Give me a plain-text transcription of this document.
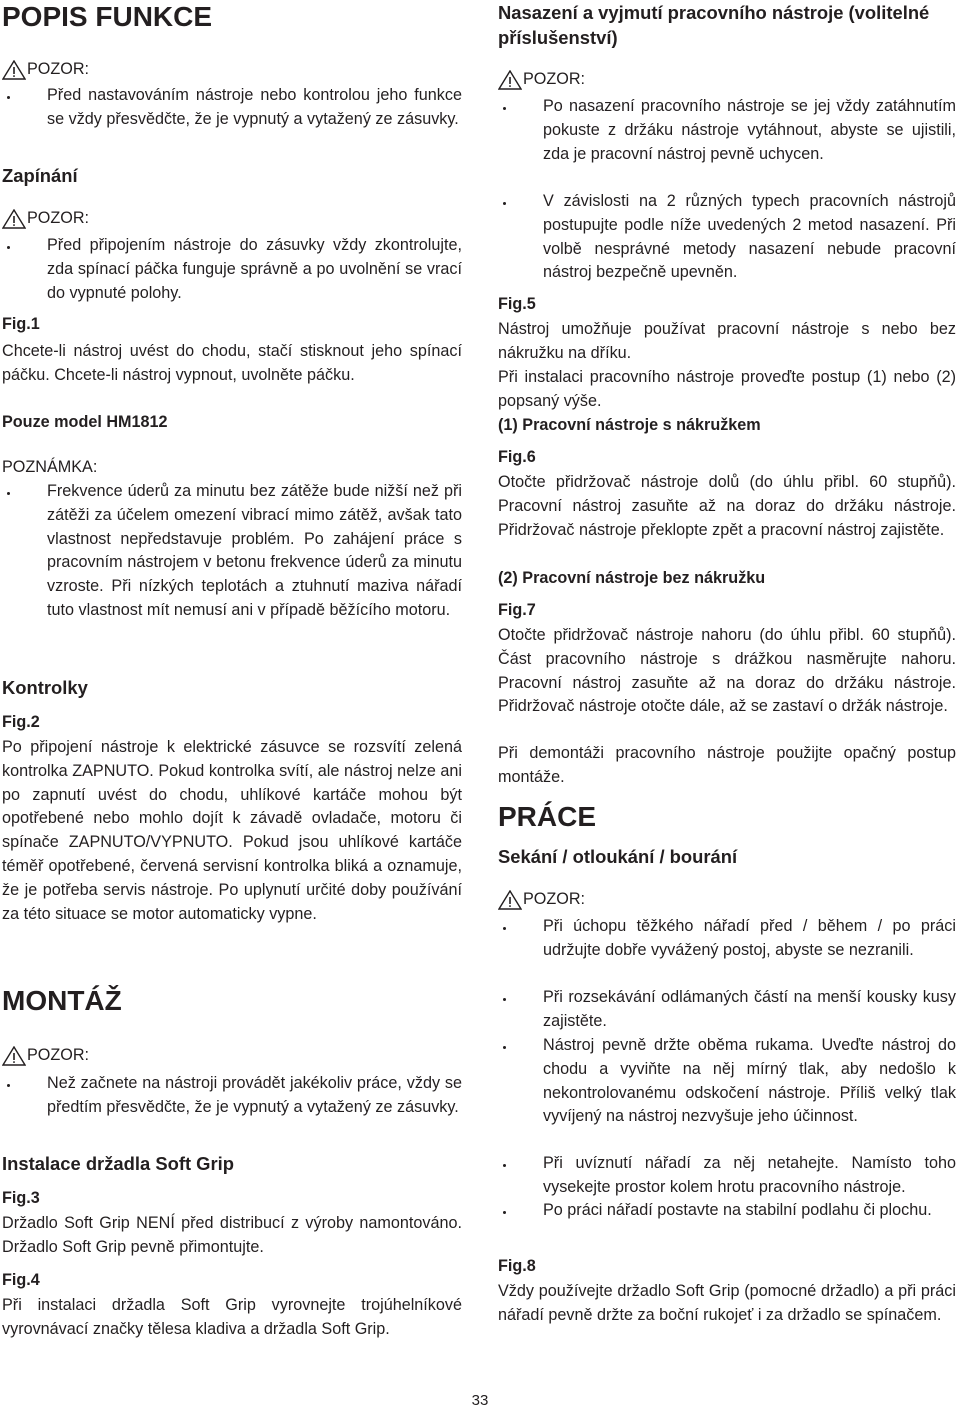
POPIS FUNKCE
POZOR:

Před nastavováním nástroje nebo kontrolou jeho funkce se vždy přesvědčte, že je vypnutý a vytažený ze zásuvky.

Zapínání
POZOR:

Před připojením nástroje do zásuvky vždy zkontrolujte, zda spínací páčka funguje správně a po uvolnění se vrací do vypnuté polohy.

Fig.1

Chcete-li nástroj uvést do chodu, stačí stisknout jeho spínací páčku. Chcete-li nástroj vypnout, uvolněte páčku.

Pouze model HM1812
POZNÁMKA:

Frekvence úderů za minutu bez zátěže bude nižší než při zátěži za účelem omezení vibrací mimo zátěž, avšak tato vlastnost nepředstavuje problém. Po zahájení práce s pracovním nástrojem v betonu frekvence úderů za minutu vzroste. Při nízkých teplotách a ztuhnutí maziva nářadí tuto vlastnost mít nemusí ani v případě běžícího motoru.

Kontrolky
Fig.2

Po připojení nástroje k elektrické zásuvce se rozsvítí zelená kontrolka ZAPNUTO. Pokud kontrolka svítí, ale nástroj nelze ani po zapnutí uvést do chodu, uhlíkové kartáče mohou být opotřebené nebo mohlo dojít k závadě ovladače, motoru či spínače ZAPNUTO/VYPNUTO. Pokud jsou uhlíkové kartáče téměř opotřebené, červená servisní kontrolka bliká a oznamuje, že je potřeba servis nástroje. Po uplynutí určité doby používání za této situace se motor automaticky vypne.

MONTÁŽ
POZOR:

Než začnete na nástroji provádět jakékoliv práce, vždy se předtím přesvědčte, že je vypnutý a vytažený ze zásuvky.

Instalace držadla Soft Grip
Fig.3

Držadlo Soft Grip NENÍ před distribucí z výroby namontováno. Držadlo Soft Grip pevně přimontujte.

Fig.4

Při instalaci držadla Soft Grip vyrovnejte trojúhelníkové vyrovnávací značky tělesa kladiva a držadla Soft Grip.

Nasazení a vyjmutí pracovního nástroje (volitelné příslušenství)
POZOR:

Po nasazení pracovního nástroje se jej vždy zatáhnutím pokuste z držáku nástroje vytáhnout, abyste se ujistili, zda je pracovní nástroj pevně uchycen.

V závislosti na 2 různých typech pracovních nástrojů postupujte podle níže uvedených 2 metod nasazení. Při volbě nesprávné metody nasazení nebude pracovní nástroj bezpečně upevněn.

Fig.5

Nástroj umožňuje používat pracovní nástroje s nebo bez nákružku na dříku.

Při instalaci pracovního nástroje proveďte postup (1) nebo (2) popsaný výše.

(1) Pracovní nástroje s nákružkem
Fig.6

Otočte přidržovač nástroje dolů (do úhlu přibl. 60 stupňů). Pracovní nástroj zasuňte až na doraz do držáku nástroje. Přidržovač nástroje překlopte zpět a pracovní nástroj zajistěte.

(2) Pracovní nástroje bez nákružku
Fig.7

Otočte přidržovač nástroje nahoru (do úhlu přibl. 60 stupňů). Část pracovního nástroje s drážkou nasměrujte nahoru. Pracovní nástroj zasuňte až na doraz do držáku nástroje. Přidržovač nástroje otočte dále, až se zastaví o držák nástroje.

Při demontáži pracovního nástroje použijte opačný postup montáže.

PRÁCE
Sekání / otloukání / bourání
POZOR:

Při úchopu těžkého nářadí před / během / po práci udržujte dobře vyvážený postoj, abyste se nezranili.

Při rozsekávání odlámaných částí na menší kousky kusy zajistěte.

Nástroj pevně držte oběma rukama. Uveďte nástroj do chodu a vyviňte na něj mírný tlak, aby nedošlo k nekontrolovanému odskočení nástroje. Příliš velký tlak vyvíjený na nástroj nezvyšuje jeho účinnost.

Při uvíznutí nářadí za něj netahejte. Namísto toho vysekejte prostor kolem hrotu pracovního nástroje.

Po práci nářadí postavte na stabilní podlahu či plochu.

Fig.8

Vždy používejte držadlo Soft Grip (pomocné držadlo) a při práci nářadí pevně držte za boční rukojeť i za držadlo se spínačem.

33
